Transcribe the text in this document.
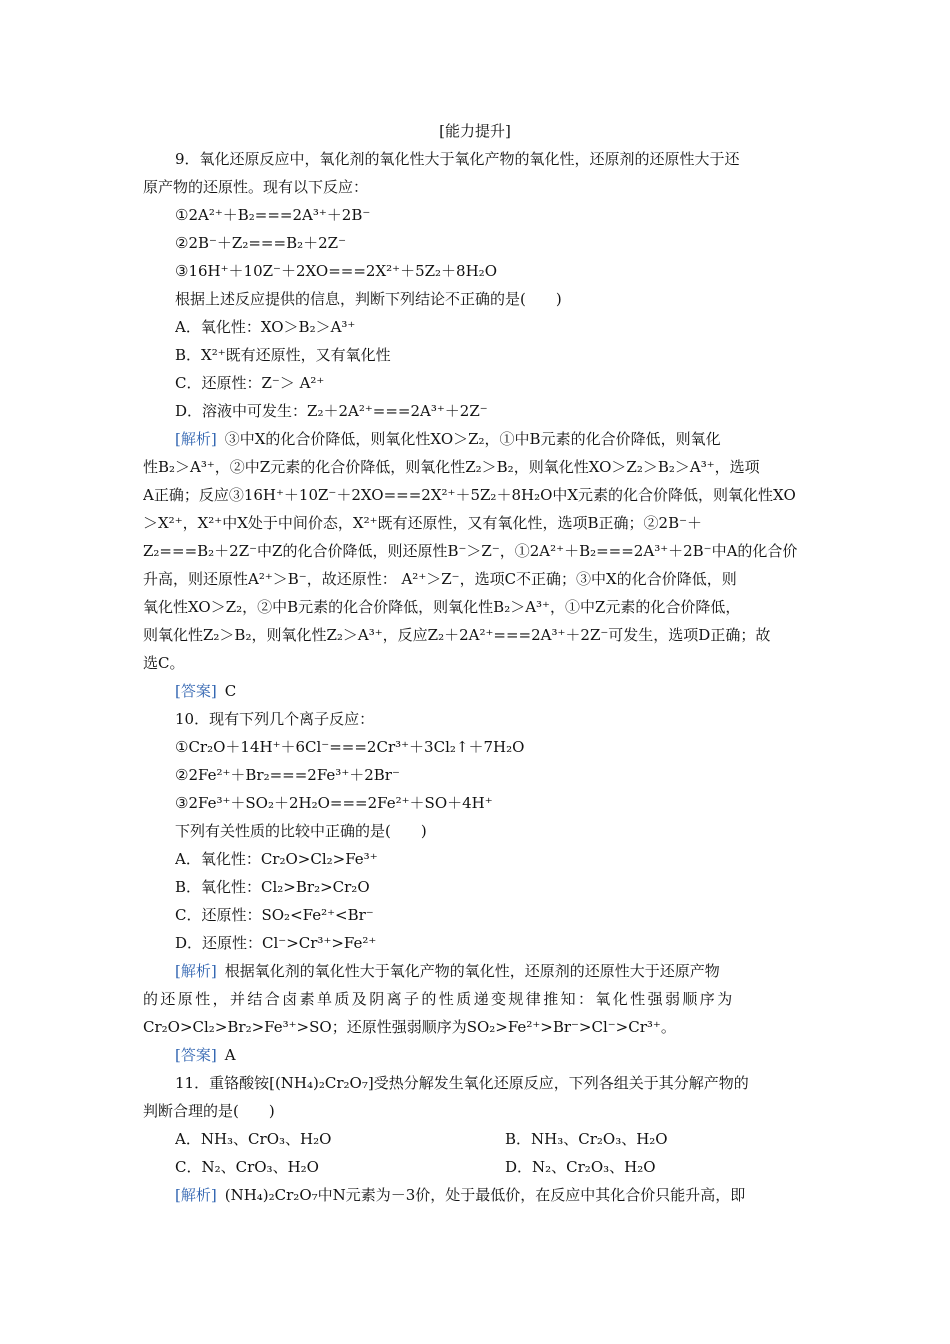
[能力提升]
9．氧化还原反应中，氧化剂的氧化性大于氧化产物的氧化性，还原剂的还原性大于还
原产物的还原性。现有以下反应：
①2A²⁺＋B₂===2A³⁺＋2B⁻
②2B⁻＋Z₂===B₂＋2Z⁻
③16H⁺＋10Z⁻＋2XO===2X²⁺＋5Z₂＋8H₂O
根据上述反应提供的信息，判断下列结论不正确的是(　　)
A．氧化性：XO＞B₂＞A³⁺
B．X²⁺既有还原性，又有氧化性
C．还原性：Z⁻＞ A²⁺
D．溶液中可发生：Z₂＋2A²⁺===2A³⁺＋2Z⁻
[解析] ③中X的化合价降低，则氧化性XO＞Z₂，①中B元素的化合价降低，则氧化
性B₂＞A³⁺，②中Z元素的化合价降低，则氧化性Z₂＞B₂，则氧化性XO＞Z₂＞B₂＞A³⁺，选项
A正确；反应③16H⁺＋10Z⁻＋2XO===2X²⁺＋5Z₂＋8H₂O中X元素的化合价降低，则氧化性XO
＞X²⁺，X²⁺中X处于中间价态，X²⁺既有还原性，又有氧化性，选项B正确；②2B⁻＋
Z₂===B₂＋2Z⁻中Z的化合价降低，则还原性B⁻＞Z⁻，①2A²⁺＋B₂===2A³⁺＋2B⁻中A的化合价
升高，则还原性A²⁺＞B⁻，故还原性： A²⁺＞Z⁻，选项C不正确；③中X的化合价降低，则
氧化性XO＞Z₂，②中B元素的化合价降低，则氧化性B₂＞A³⁺，①中Z元素的化合价降低，
则氧化性Z₂＞B₂，则氧化性Z₂＞A³⁺，反应Z₂＋2A²⁺===2A³⁺＋2Z⁻可发生，选项D正确；故
选C。
[答案] C
10．现有下列几个离子反应：
①Cr₂O＋14H⁺＋6Cl⁻===2Cr³⁺＋3Cl₂↑＋7H₂O
②2Fe²⁺＋Br₂===2Fe³⁺＋2Br⁻
③2Fe³⁺＋SO₂＋2H₂O===2Fe²⁺＋SO＋4H⁺
下列有关性质的比较中正确的是(　　)
A．氧化性：Cr₂O>Cl₂>Fe³⁺
B．氧化性：Cl₂>Br₂>Cr₂O
C．还原性：SO₂<Fe²⁺<Br⁻
D．还原性：Cl⁻>Cr³⁺>Fe²⁺
[解析] 根据氧化剂的氧化性大于氧化产物的氧化性，还原剂的还原性大于还原产物
的还原性，并结合卤素单质及阴离子的性质递变规律推知：氧化性强弱顺序为
Cr₂O>Cl₂>Br₂>Fe³⁺>SO；还原性强弱顺序为SO₂>Fe²⁺>Br⁻>Cl⁻>Cr³⁺。
[答案] A
11．重铬酸铵[(NH₄)₂Cr₂O₇]受热分解发生氧化还原反应，下列各组关于其分解产物的
判断合理的是(　　)
A．NH₃、CrO₃、H₂O	B．NH₃、Cr₂O₃、H₂O
C．N₂、CrO₃、H₂O	D．N₂、Cr₂O₃、H₂O
[解析] (NH₄)₂Cr₂O₇中N元素为－3价，处于最低价，在反应中其化合价只能升高，即
